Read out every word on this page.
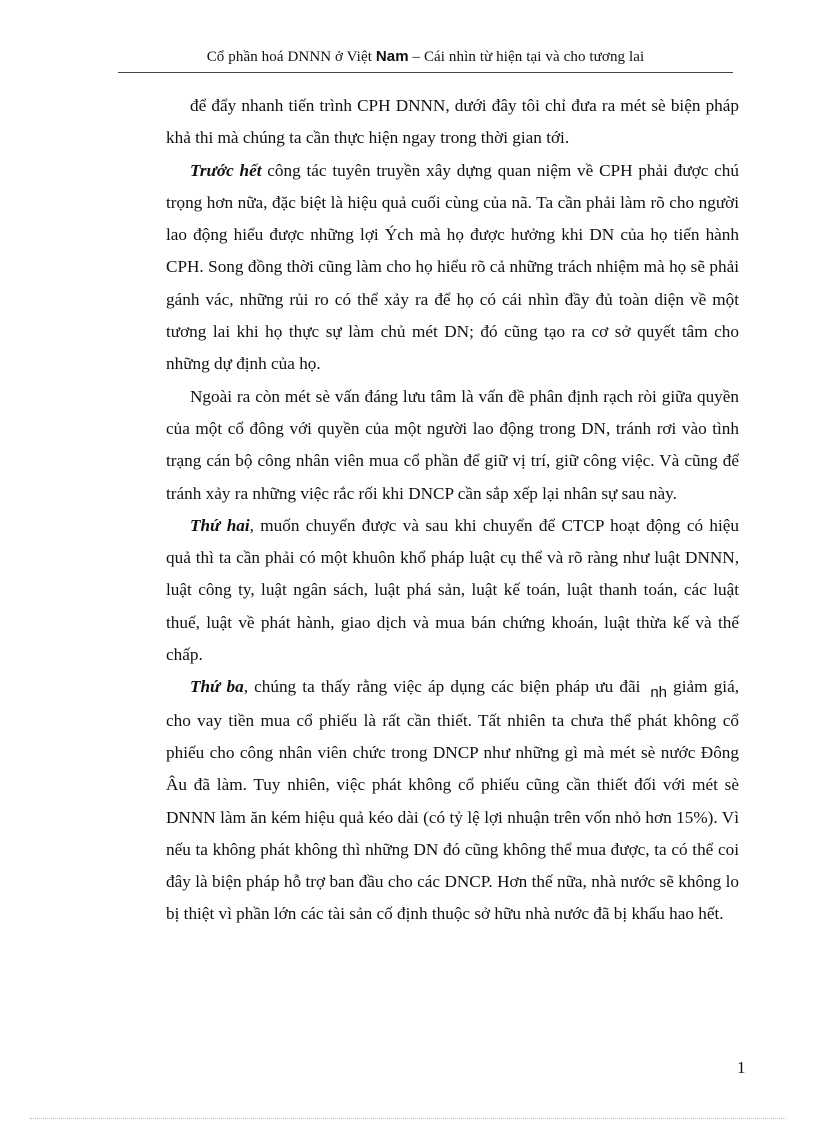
Cổ phần hoá DNNN ở Việt Nam – Cái nhìn từ hiện tại và cho tương lai

để đẩy nhanh tiến trình CPH DNNN, dưới đây tôi chỉ đưa ra mét sè biện pháp khả thi mà chúng ta cần thực hiện ngay trong thời gian tới.

Trước hết công tác tuyên truyền xây dựng quan niệm về CPH phải được chú trọng hơn nữa, đặc biệt là hiệu quả cuối cùng của nã. Ta cần phải làm rõ cho người lao động hiểu được những lợi Ých mà họ được hưởng khi DN của họ tiến hành CPH. Song đồng thời cũng làm cho họ hiểu rõ cả những trách nhiệm mà họ sẽ phải gánh vác, những rủi ro có thể xảy ra để họ có cái nhìn đầy đủ toàn diện về một tương lai khi họ thực sự làm chủ mét DN; đó cũng tạo ra cơ sở quyết tâm cho những dự định của họ.

Ngoài ra còn mét sè vấn đáng lưu tâm là vấn đề phân định rạch ròi giữa quyền của một cổ đông với quyền của một người lao động trong DN, tránh rơi vào tình trạng cán bộ công nhân viên mua cổ phần để giữ vị trí, giữ công việc. Và cũng để tránh xảy ra những việc rắc rối khi DNCP cần sắp xếp lại nhân sự sau này.

Thứ hai, muốn chuyển được và sau khi chuyển để CTCP hoạt động có hiệu quả thì ta cần phải có một khuôn khổ pháp luật cụ thể và rõ ràng như luật DNNN, luật công ty, luật ngân sách, luật phá sản, luật kế toán, luật thanh toán, các luật thuế, luật về phát hành, giao dịch và mua bán chứng khoán, luật thừa kế và thế chấp.

Thứ ba, chúng ta thấy rằng việc áp dụng các biện pháp ưu đãi nh giảm giá, cho vay tiền mua cổ phiếu là rất cần thiết. Tất nhiên ta chưa thể phát không cổ phiếu cho công nhân viên chức trong DNCP như những gì mà mét sè nước Đông Âu đã làm. Tuy nhiên, việc phát không cổ phiếu cũng cần thiết đối với mét sè DNNN làm ăn kém hiệu quả kéo dài (có tỷ lệ lợi nhuận trên vốn nhỏ hơn 15%). Vì nếu ta không phát không thì những DN đó cũng không thể mua được, ta có thể coi đây là biện pháp hỗ trợ ban đầu cho các DNCP. Hơn thế nữa, nhà nước sẽ không lo bị thiệt vì phần lớn các tài sản cố định thuộc sở hữu nhà nước đã bị khấu hao hết.

1
